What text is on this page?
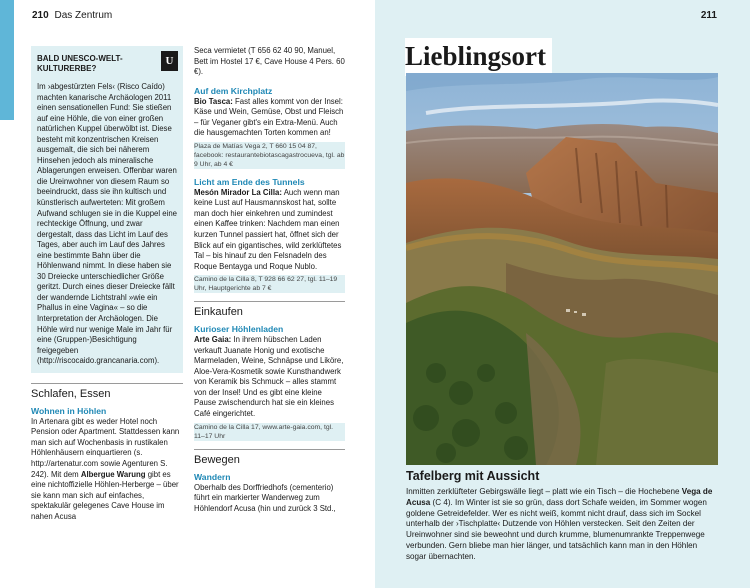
210 Das Zentrum
BALD UNESCO-WELT-KULTURERBE?
U
Im ›abgestürzten Fels‹ (Risco Caído) machten kanarische Archäologen 2011 einen sensationellen Fund: Sie stießen auf eine Höhle, die von einer großen natürlichen Kuppel überwölbt ist. Diese besteht mit konzentrischen Kreisen ausgemalt, die sich bei näherem Hinsehen jedoch als mineralische Ablagerungen erweisen. Offenbar waren die Ureinwohner von diesem Raum so beeindruckt, dass sie ihn kultisch und künstlerisch aufwerteten: Mit großem Aufwand schlugen sie in die Kuppel eine rechteckige Öffnung, und zwar dergestalt, dass das Licht im Lauf des Tages, aber auch im Lauf des Jahres eine bestimmte Bahn über die Höhlenwand nimmt. In diese haben sie 30 Dreiecke unterschiedlicher Größe geritzt. Durch eines dieser Dreiecke fällt der wandernde Lichtstrahl »wie ein Phallus in eine Vagina« – so die Interpretation der Archäologen. Die Höhle wird nur wenige Male im Jahr für eine (Gruppen-)Besichtigung freigegeben (http://riscocaido.grancanaria.com).
Schlafen, Essen
Wohnen in Höhlen
In Artenara gibt es weder Hotel noch Pension oder Apartment. Stattdessen kann man sich auf Wochenbasis in rustikalen Höhlenhäusern einquartieren (s. http://artenatur.com sowie Agenturen S. 242). Mit dem Albergue Warung gibt es eine nichtoffizielle Höhlen-Herberge – über sie kann man sich auf einfaches, spektakulär gelegenes Cave House im nahen Acusa
Seca vermietet (T 656 62 40 90, Manuel, Bett im Hostel 17 €, Cave House 4 Pers. 60 €).
Auf dem Kirchplatz
Bio Tasca: Fast alles kommt von der Insel: Käse und Wein, Gemüse, Obst und Fleisch – für Veganer gibt's ein Extra-Menü. Auch die hausgemachten Torten kommen an!
Plaza de Matías Vega 2, T 660 15 04 87, facebook: restaurantebiotascagastrocueva, tgl. ab 9 Uhr, ab 4 €
Licht am Ende des Tunnels
Mesón Mirador La Cilla: Auch wenn man keine Lust auf Hausmannskost hat, sollte man doch hier einkehren und zumindest einen Kaffee trinken: Nachdem man einen kurzen Tunnel passiert hat, öffnet sich der Blick auf ein gigantisches, wild zerklüftetes Tal – bis hinauf zu den Felsnadeln des Roque Bentayga und Roque Nublo.
Camino de la Cilla 8, T 928 66 62 27, tgl. 11–19 Uhr, Hauptgerichte ab 7 €
Einkaufen
Kurioser Höhlenladen
Arte Gaia: In ihrem hübschen Laden verkauft Juanate Honig und exotische Marmeladen, Weine, Schnäpse und Liköre, Aloe-Vera-Kosmetik sowie Kunsthandwerk von Keramik bis Schmuck – alles stammt von der Insel! Und es gibt eine kleine Pause zwischendurch hat sie ein kleines Café eingerichtet.
Camino de la Cilla 17, www.arte-gaia.com, tgl. 11–17 Uhr
Bewegen
Wandern
Oberhalb des Dorffriedhofs (cementerio) führt ein markierter Wanderweg zum Höhlendorf Acusa (hin und zurück 3 Std.,
211
Lieblingsort
Tafelberg mit Aussicht
Inmitten zerklüfteter Gebirgswälle liegt – platt wie ein Tisch – die Hochebene Vega de Acusa (C 4). Im Winter ist sie so grün, dass dort Schafe weiden, im Sommer wogen goldene Getreidefelder. Wer es nicht weiß, kommt nicht drauf, dass sich im Sockel unterhalb der ›Tischplatte‹ Dutzende von Höhlen verstecken. Seit den Zeiten der Ureinwohner sind sie beweohnt und durch krumme, blumenumrankte Treppenwege verbunden. Gern bliebe man hier länger, und tatsächlich kann man in den Höhlen sogar übernachten.
